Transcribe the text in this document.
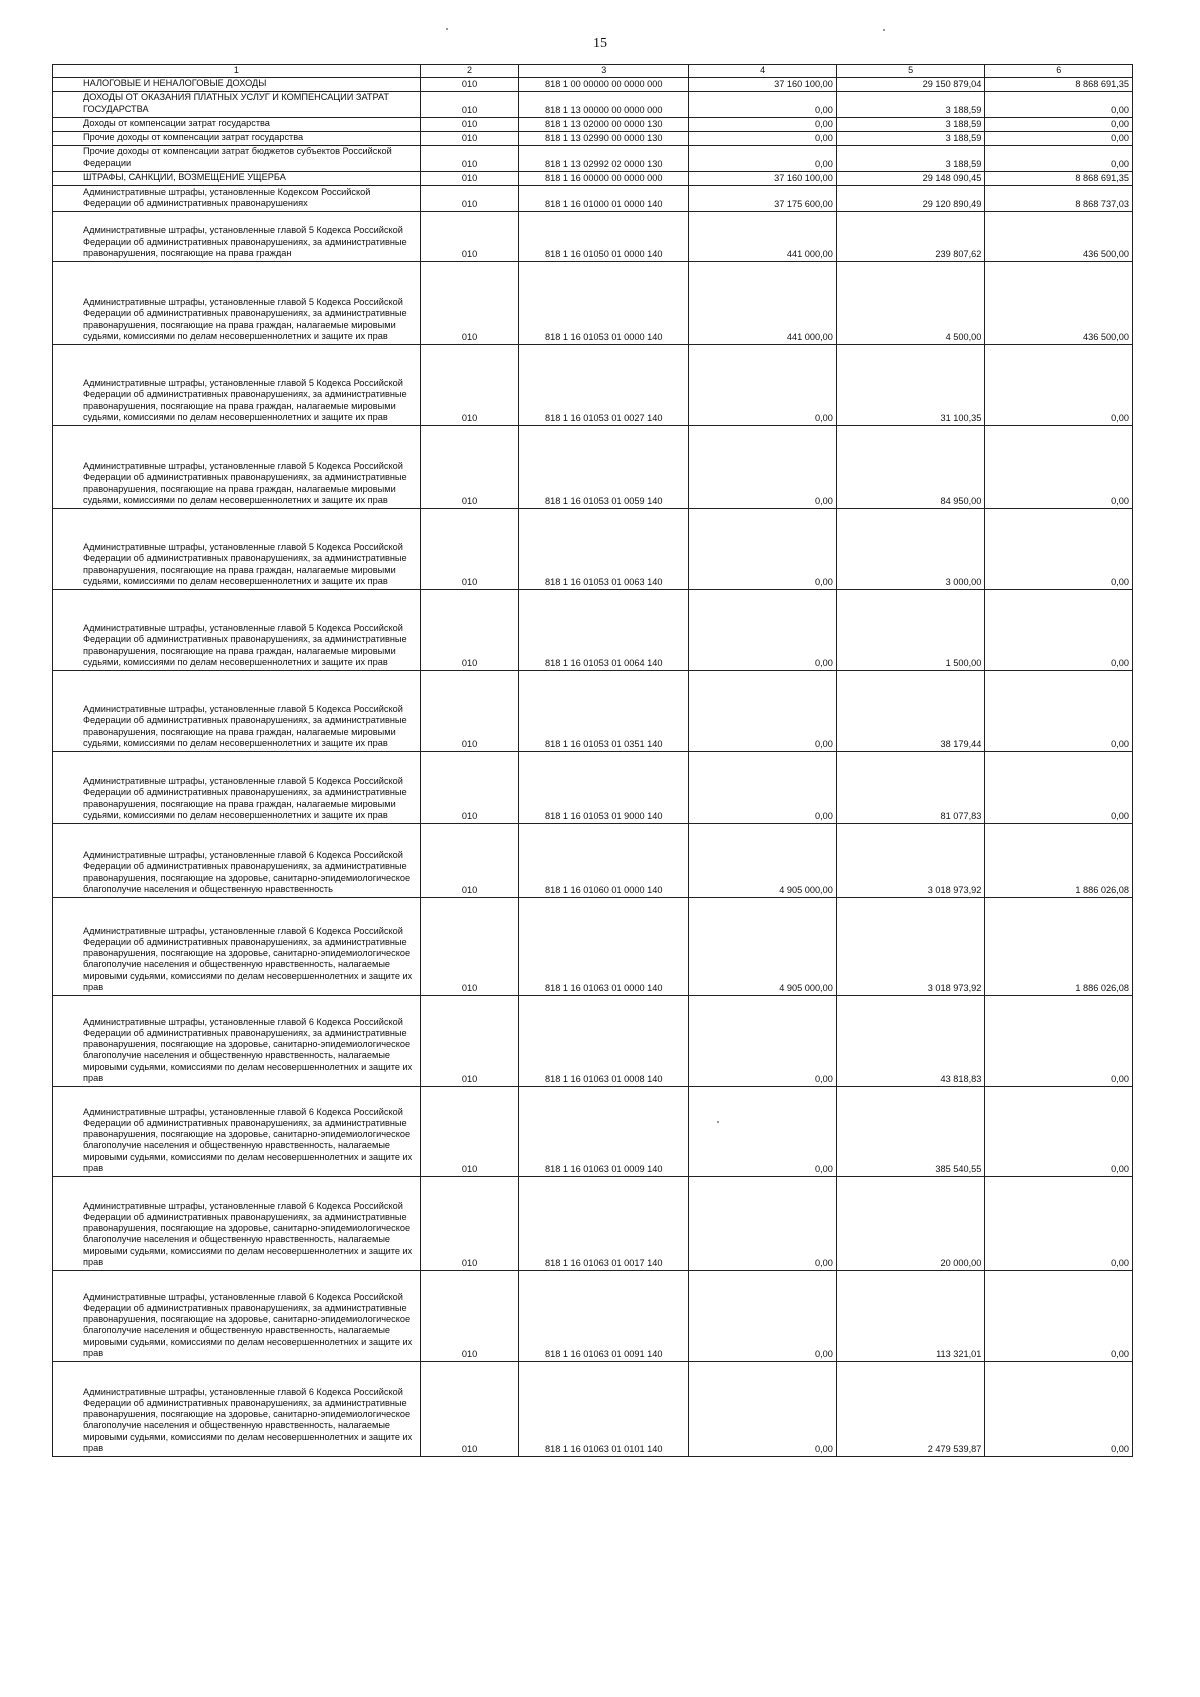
15
1	2	3	4	5	6

НАЛОГОВЫЕ И НЕНАЛОГОВЫЕ ДОХОДЫ	010	818 1 00 00000 00 0000 000	37 160 100,00	29 150 879,04	8 868 691,35

ДОХОДЫ ОТ ОКАЗАНИЯ ПЛАТНЫХ УСЛУГ И КОМПЕНСАЦИИ ЗАТРАТ ГОСУДАРСТВА	010	818 1 13 00000 00 0000 000	0,00	3 188,59	0,00

Доходы от компенсации затрат государства	010	818 1 13 02000 00 0000 130	0,00	3 188,59	0,00

Прочие доходы от компенсации затрат государства	010	818 1 13 02990 00 0000 130	0,00	3 188,59	0,00

Прочие доходы от компенсации затрат бюджетов субъектов Российской Федерации	010	818 1 13 02992 02 0000 130	0,00	3 188,59	0,00

ШТРАФЫ, САНКЦИИ, ВОЗМЕЩЕНИЕ УЩЕРБА	010	818 1 16 00000 00 0000 000	37 160 100,00	29 148 090,45	8 868 691,35

Административные штрафы, установленные Кодексом Российской Федерации об административных правонарушениях	010	818 1 16 01000 01 0000 140	37 175 600,00	29 120 890,49	8 868 737,03

Административные штрафы, установленные главой 5 Кодекса Российской Федерации об административных правонарушениях, за административные правонарушения, посягающие на права граждан	010	818 1 16 01050 01 0000 140	441 000,00	239 807,62	436 500,00

Административные штрафы, установленные главой 5 Кодекса Российской Федерации об административных правонарушениях, за административные правонарушения, посягающие на права граждан, налагаемые мировыми судьями, комиссиями по делам несовершеннолетних и защите их прав	010	818 1 16 01053 01 0000 140	441 000,00	4 500,00	436 500,00

Административные штрафы, установленные главой 5 Кодекса Российской Федерации об административных правонарушениях, за административные правонарушения, посягающие на права граждан, налагаемые мировыми судьями, комиссиями по делам несовершеннолетних и защите их прав	010	818 1 16 01053 01 0027 140	0,00	31 100,35	0,00

Административные штрафы, установленные главой 5 Кодекса Российской Федерации об административных правонарушениях, за административные правонарушения, посягающие на права граждан, налагаемые мировыми судьями, комиссиями по делам несовершеннолетних и защите их прав	010	818 1 16 01053 01 0059 140	0,00	84 950,00	0,00

Административные штрафы, установленные главой 5 Кодекса Российской Федерации об административных правонарушениях, за административные правонарушения, посягающие на права граждан, налагаемые мировыми судьями, комиссиями по делам несовершеннолетних и защите их прав	010	818 1 16 01053 01 0063 140	0,00	3 000,00	0,00

Административные штрафы, установленные главой 5 Кодекса Российской Федерации об административных правонарушениях, за административные правонарушения, посягающие на права граждан, налагаемые мировыми судьями, комиссиями по делам несовершеннолетних и защите их прав	010	818 1 16 01053 01 0064 140	0,00	1 500,00	0,00

Административные штрафы, установленные главой 5 Кодекса Российской Федерации об административных правонарушениях, за административные правонарушения, посягающие на права граждан, налагаемые мировыми судьями, комиссиями по делам несовершеннолетних и защите их прав	010	818 1 16 01053 01 0351 140	0,00	38 179,44	0,00

Административные штрафы, установленные главой 5 Кодекса Российской Федерации об административных правонарушениях, за административные правонарушения, посягающие на права граждан, налагаемые мировыми судьями, комиссиями по делам несовершеннолетних и защите их прав	010	818 1 16 01053 01 9000 140	0,00	81 077,83	0,00

Административные штрафы, установленные главой 6 Кодекса Российской Федерации об административных правонарушениях, за административные правонарушения, посягающие на здоровье, санитарно-эпидемиологическое благополучие населения и общественную нравственность	010	818 1 16 01060 01 0000 140	4 905 000,00	3 018 973,92	1 886 026,08

Административные штрафы, установленные главой 6 Кодекса Российской Федерации об административных правонарушениях, за административные правонарушения, посягающие на здоровье, санитарно-эпидемиологическое благополучие населения и общественную нравственность, налагаемые мировыми судьями, комиссиями по делам несовершеннолетних и защите их прав	010	818 1 16 01063 01 0000 140	4 905 000,00	3 018 973,92	1 886 026,08

Административные штрафы, установленные главой 6 Кодекса Российской Федерации об административных правонарушениях, за административные правонарушения, посягающие на здоровье, санитарно-эпидемиологическое благополучие населения и общественную нравственность, налагаемые мировыми судьями, комиссиями по делам несовершеннолетних и защите их прав	010	818 1 16 01063 01 0008 140	0,00	43 818,83	0,00

Административные штрафы, установленные главой 6 Кодекса Российской Федерации об административных правонарушениях, за административные правонарушения, посягающие на здоровье, санитарно-эпидемиологическое благополучие населения и общественную нравственность, налагаемые мировыми судьями, комиссиями по делам несовершеннолетних и защите их прав	010	818 1 16 01063 01 0009 140	0,00	385 540,55	0,00

Административные штрафы, установленные главой 6 Кодекса Российской Федерации об административных правонарушениях, за административные правонарушения, посягающие на здоровье, санитарно-эпидемиологическое благополучие населения и общественную нравственность, налагаемые мировыми судьями, комиссиями по делам несовершеннолетних и защите их прав	010	818 1 16 01063 01 0017 140	0,00	20 000,00	0,00

Административные штрафы, установленные главой 6 Кодекса Российской Федерации об административных правонарушениях, за административные правонарушения, посягающие на здоровье, санитарно-эпидемиологическое благополучие населения и общественную нравственность, налагаемые мировыми судьями, комиссиями по делам несовершеннолетних и защите их прав	010	818 1 16 01063 01 0091 140	0,00	113 321,01	0,00

Административные штрафы, установленные главой 6 Кодекса Российской Федерации об административных правонарушениях, за административные правонарушения, посягающие на здоровье, санитарно-эпидемиологическое благополучие населения и общественную нравственность, налагаемые мировыми судьями, комиссиями по делам несовершеннолетних и защите их прав	010	818 1 16 01063 01 0101 140	0,00	2 479 539,87	0,00
